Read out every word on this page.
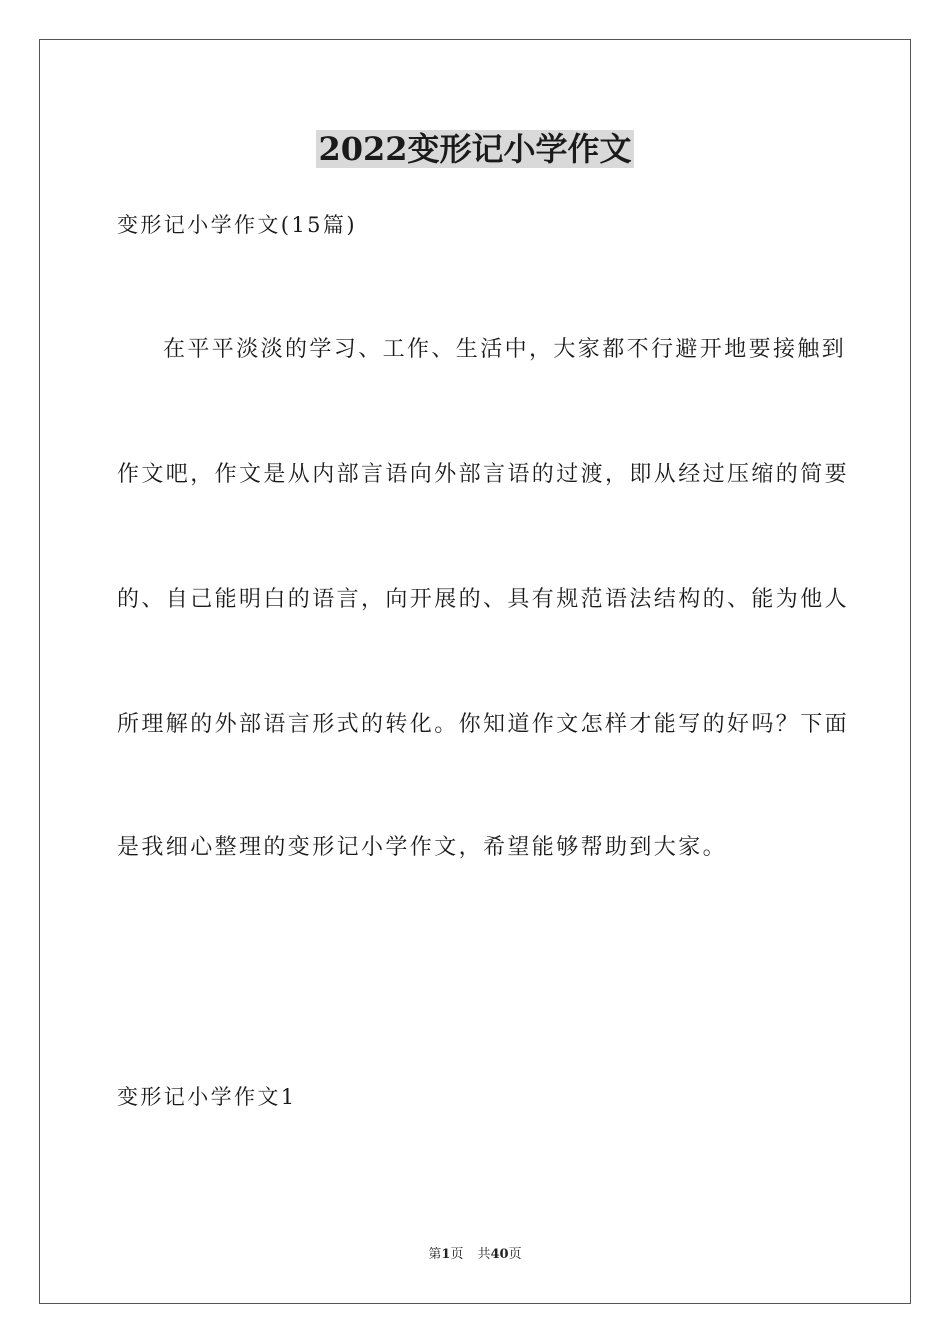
2022变形记小学作文
变形记小学作文(15篇)
在平平淡淡的学习、工作、生活中，大家都不行避开地要接触到
作文吧，作文是从内部言语向外部言语的过渡，即从经过压缩的简要
的、自己能明白的语言，向开展的、具有规范语法结构的、能为他人
所理解的外部语言形式的转化。你知道作文怎样才能写的好吗？下面
是我细心整理的变形记小学作文，希望能够帮助到大家。
变形记小学作文1
第1页 共40页
